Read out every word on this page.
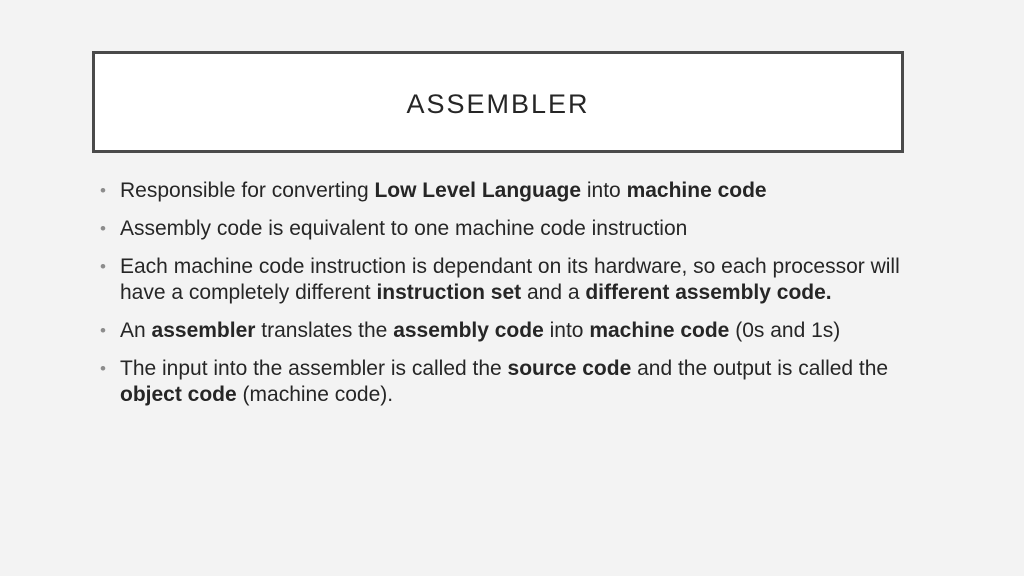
ASSEMBLER
• Responsible for converting Low Level Language into machine code
• Assembly code is equivalent to one machine code instruction
• Each machine code instruction is dependant on its hardware, so each processor will have a completely different instruction set and a different assembly code.
• An assembler translates the assembly code into machine code (0s and 1s)
• The input into the assembler is called the source code and the output is called the object code (machine code).
